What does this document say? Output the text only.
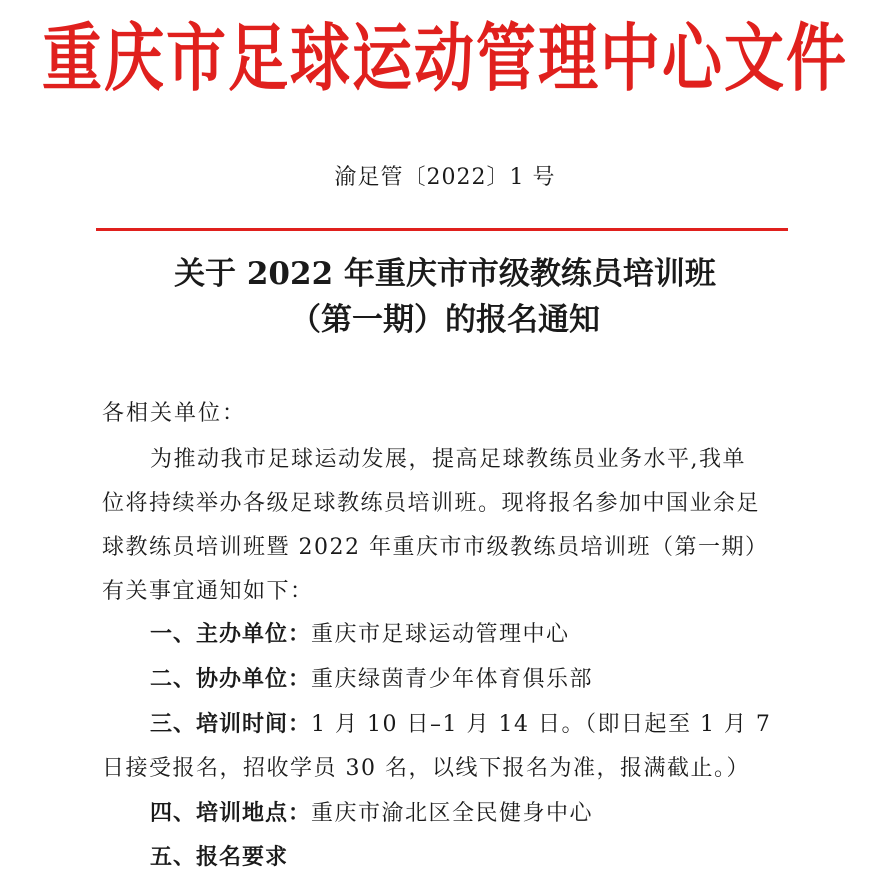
重庆市足球运动管理中心文件
渝足管〔2022〕1 号
关于 2022 年重庆市市级教练员培训班
（第一期）的报名通知
各相关单位：
为推动我市足球运动发展，提高足球教练员业务水平,我单
位将持续举办各级足球教练员培训班。现将报名参加中国业余足
球教练员培训班暨 2022 年重庆市市级教练员培训班（第一期）
有关事宜通知如下：
一、主办单位：重庆市足球运动管理中心
二、协办单位：重庆绿茵青少年体育俱乐部
三、培训时间：1 月 10 日–1 月 14 日。（即日起至 1 月 7
日接受报名，招收学员 30 名，以线下报名为准，报满截止。）
四、培训地点：重庆市渝北区全民健身中心
五、报名要求
